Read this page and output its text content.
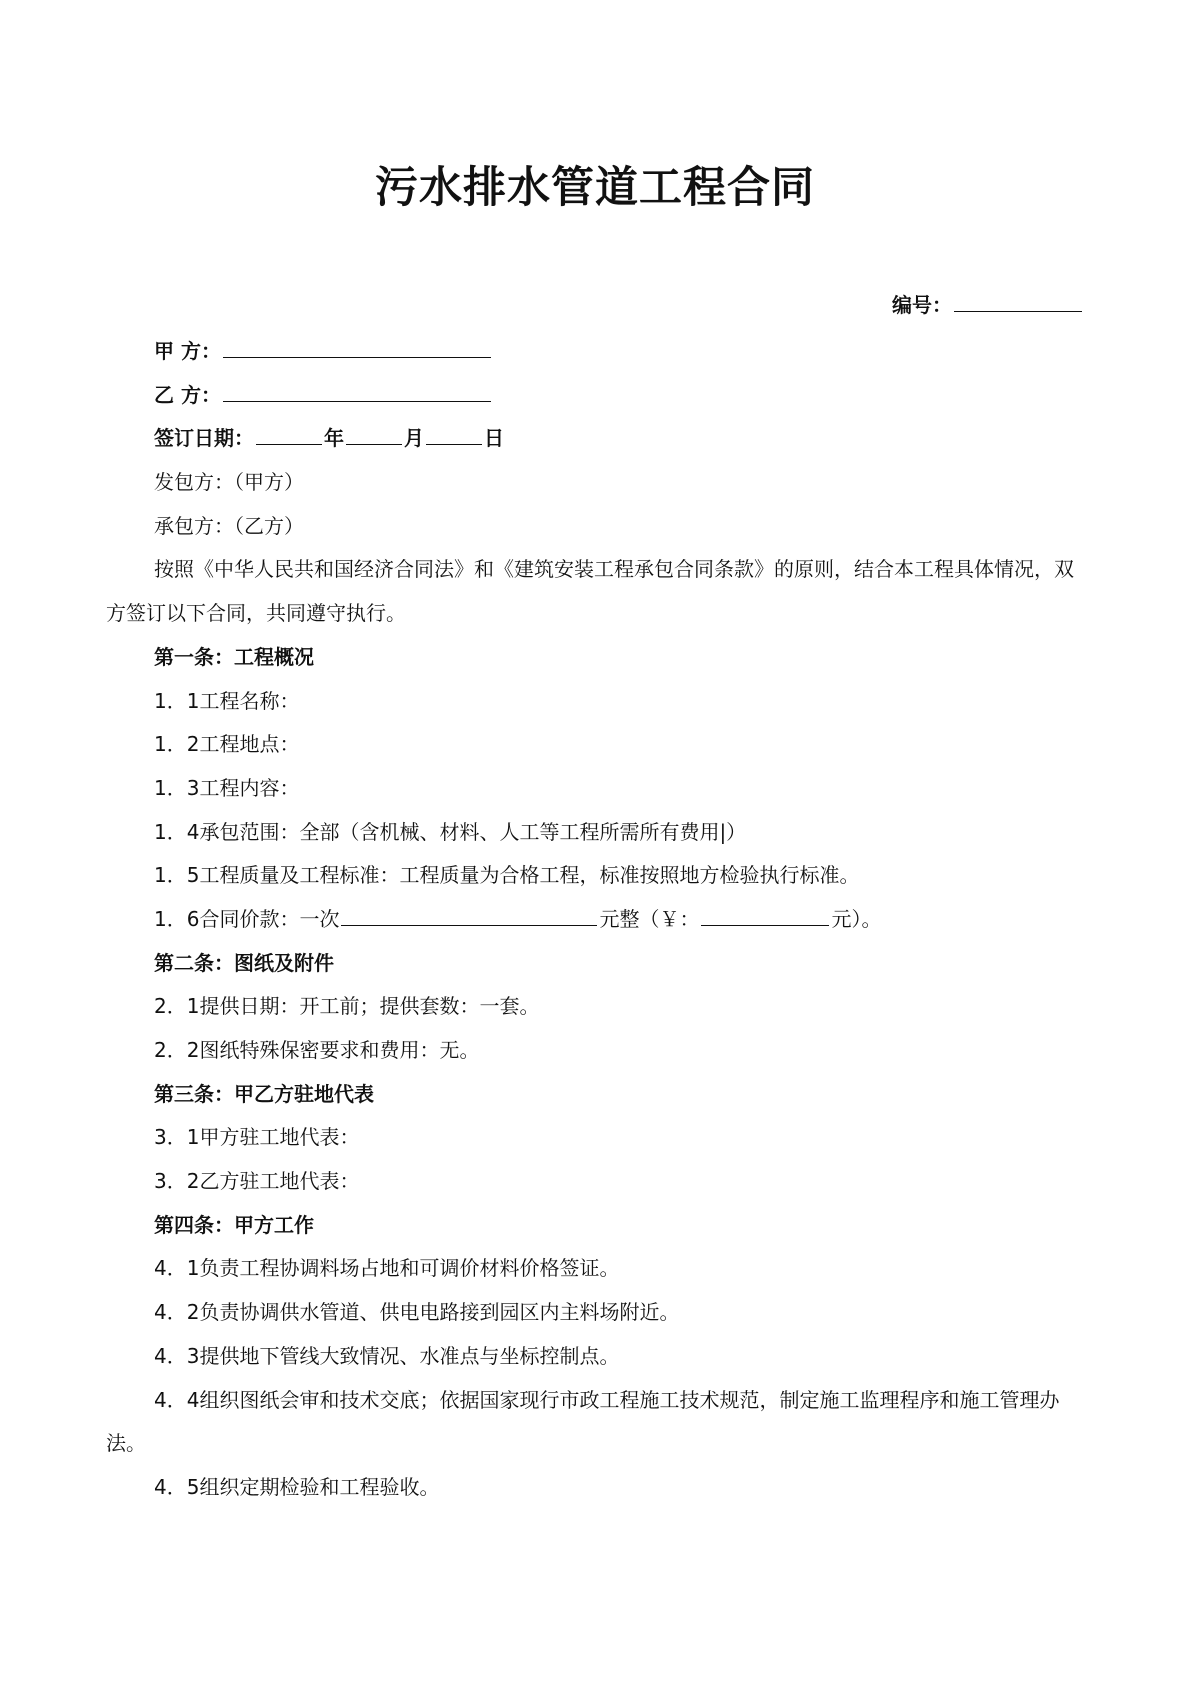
污水排水管道工程合同
编号：
甲 方：
乙 方：
签订日期：	年	月	日
发包方：（甲方）
承包方：（乙方）
按照《中华人民共和国经济合同法》和《建筑安装工程承包合同条款》的原则，结合本工程具体情况，双方签订以下合同，共同遵守执行。
第一条：工程概况
1．1工程名称：
1．2工程地点：
1．3工程内容：
1．4承包范围：全部（含机械、材料、人工等工程所需所有费用|）
1．5工程质量及工程标准：工程质量为合格工程，标准按照地方检验执行标准。
1．6合同价款：一次	元整（￥：	元）。
第二条：图纸及附件
2．1提供日期：开工前；提供套数：一套。
2．2图纸特殊保密要求和费用：无。
第三条：甲乙方驻地代表
3．1甲方驻工地代表：
3．2乙方驻工地代表：
第四条：甲方工作
4．1负责工程协调料场占地和可调价材料价格签证。
4．2负责协调供水管道、供电电路接到园区内主料场附近。
4．3提供地下管线大致情况、水准点与坐标控制点。
4．4组织图纸会审和技术交底；依据国家现行市政工程施工技术规范，制定施工监理程序和施工管理办法。
4．5组织定期检验和工程验收。
